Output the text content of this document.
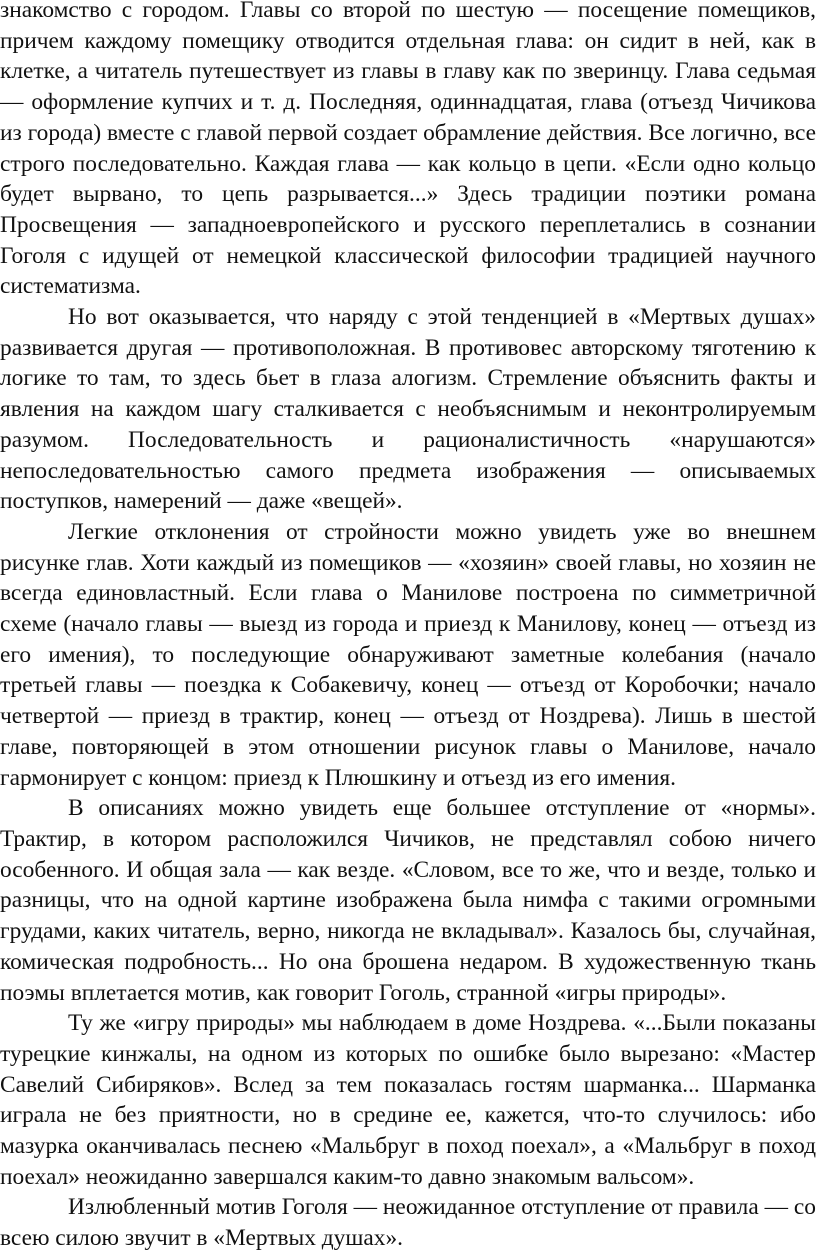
знакомство с городом. Главы со второй по шестую — посещение помещиков, причем каждому помещику отводится отдельная глава: он сидит в ней, как в клетке, а читатель путешествует из главы в главу как по зверинцу. Глава седьмая — оформление купчих и т. д. Последняя, одиннадцатая, глава (отъезд Чичикова из города) вместе с главой первой создает обрамление действия. Все логично, все строго последовательно. Каждая глава — как кольцо в цепи. «Если одно кольцо будет вырвано, то цепь разрывается...» Здесь традиции поэтики романа Просвещения — западноевропейского и русского переплетались в сознании Гоголя с идущей от немецкой классической философии традицией научного систематизма.

Но вот оказывается, что наряду с этой тенденцией в «Мертвых душах» развивается другая — противоположная. В противовес авторскому тяготению к логике то там, то здесь бьет в глаза алогизм. Стремление объяснить факты и явления на каждом шагу сталкивается с необъяснимым и неконтролируемым разумом. Последовательность и рационалистичность «нарушаются» непоследовательностью самого предмета изображения — описываемых поступков, намерений — даже «вещей».

Легкие отклонения от стройности можно увидеть уже во внешнем рисунке глав. Хоти каждый из помещиков — «хозяин» своей главы, но хозяин не всегда единовластный. Если глава о Манилове построена по симметричной схеме (начало главы — выезд из города и приезд к Манилову, конец — отъезд из его имения), то последующие обнаруживают заметные колебания (начало третьей главы — поездка к Собакевичу, конец — отъезд от Коробочки; начало четвертой — приезд в трактир, конец — отъезд от Ноздрева). Лишь в шестой главе, повторяющей в этом отношении рисунок главы о Манилове, начало гармонирует с концом: приезд к Плюшкину и отъезд из его имения.

В описаниях можно увидеть еще большее отступление от «нормы». Трактир, в котором расположился Чичиков, не представлял собою ничего особенного. И общая зала — как везде. «Словом, все то же, что и везде, только и разницы, что на одной картине изображена была нимфа с такими огромными грудами, каких читатель, верно, никогда не вкладывал». Казалось бы, случайная, комическая подробность... Но она брошена недаром. В художественную ткань поэмы вплетается мотив, как говорит Гоголь, странной «игры природы».

Ту же «игру природы» мы наблюдаем в доме Ноздрева. «...Были показаны турецкие кинжалы, на одном из которых по ошибке было вырезано: «Мастер Савелий Сибиряков». Вслед за тем показалась гостям шарманка... Шарманка играла не без приятности, но в средине ее, кажется, что-то случилось: ибо мазурка оканчивалась песнею «Мальбруг в поход поехал», а «Мальбруг в поход поехал» неожиданно завершался каким-то давно знакомым вальсом».

Излюбленный мотив Гоголя — неожиданное отступление от правила — со всею силою звучит в «Мертвых душах».
